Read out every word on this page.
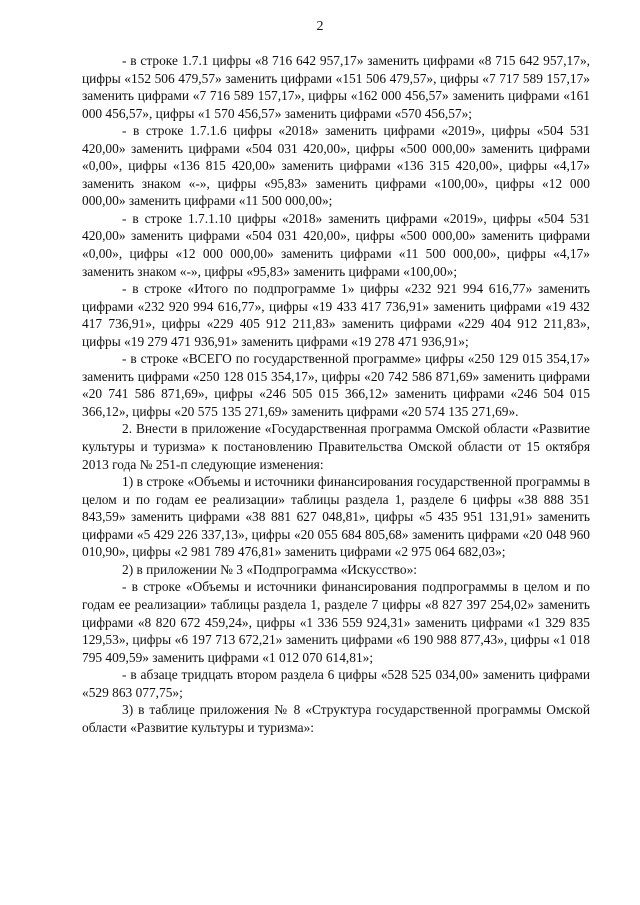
2

- в строке 1.7.1 цифры «8 716 642 957,17» заменить цифрами «8 715 642 957,17», цифры «152 506 479,57» заменить цифрами «151 506 479,57», цифры «7 717 589 157,17» заменить цифрами «7 716 589 157,17», цифры «162 000 456,57» заменить цифрами «161 000 456,57», цифры «1 570 456,57» заменить цифрами «570 456,57»;

- в строке 1.7.1.6 цифры «2018» заменить цифрами «2019», цифры «504 531 420,00» заменить цифрами «504 031 420,00», цифры «500 000,00» заменить цифрами «0,00», цифры «136 815 420,00» заменить цифрами «136 315 420,00», цифры «4,17» заменить знаком «-», цифры «95,83» заменить цифрами «100,00», цифры «12 000 000,00» заменить цифрами «11 500 000,00»;

- в строке 1.7.1.10 цифры «2018» заменить цифрами «2019», цифры «504 531 420,00» заменить цифрами «504 031 420,00», цифры «500 000,00» заменить цифрами «0,00», цифры «12 000 000,00» заменить цифрами «11 500 000,00», цифры «4,17» заменить знаком «-», цифры «95,83» заменить цифрами «100,00»;

- в строке «Итого по подпрограмме 1» цифры «232 921 994 616,77» заменить цифрами «232 920 994 616,77», цифры «19 433 417 736,91» заменить цифрами «19 432 417 736,91», цифры «229 405 912 211,83» заменить цифрами «229 404 912 211,83», цифры «19 279 471 936,91» заменить цифрами «19 278 471 936,91»;

- в строке «ВСЕГО по государственной программе» цифры «250 129 015 354,17» заменить цифрами «250 128 015 354,17», цифры «20 742 586 871,69» заменить цифрами «20 741 586 871,69», цифры «246 505 015 366,12» заменить цифрами «246 504 015 366,12», цифры «20 575 135 271,69» заменить цифрами «20 574 135 271,69».

2. Внести в приложение «Государственная программа Омской области «Развитие культуры и туризма» к постановлению Правительства Омской области от 15 октября 2013 года № 251-п следующие изменения:

1) в строке «Объемы и источники финансирования государственной программы в целом и по годам ее реализации» таблицы раздела 1, разделе 6 цифры «38 888 351 843,59» заменить цифрами «38 881 627 048,81», цифры «5 435 951 131,91» заменить цифрами «5 429 226 337,13», цифры «20 055 684 805,68» заменить цифрами «20 048 960 010,90», цифры «2 981 789 476,81» заменить цифрами «2 975 064 682,03»;

2) в приложении № 3 «Подпрограмма «Искусство»:

- в строке «Объемы и источники финансирования подпрограммы в целом и по годам ее реализации» таблицы раздела 1, разделе 7 цифры «8 827 397 254,02» заменить цифрами «8 820 672 459,24», цифры «1 336 559 924,31» заменить цифрами «1 329 835 129,53», цифры «6 197 713 672,21» заменить цифрами «6 190 988 877,43», цифры «1 018 795 409,59» заменить цифрами «1 012 070 614,81»;

- в абзаце тридцать втором раздела 6 цифры «528 525 034,00» заменить цифрами «529 863 077,75»;

3) в таблице приложения № 8 «Структура государственной программы Омской области «Развитие культуры и туризма»:
